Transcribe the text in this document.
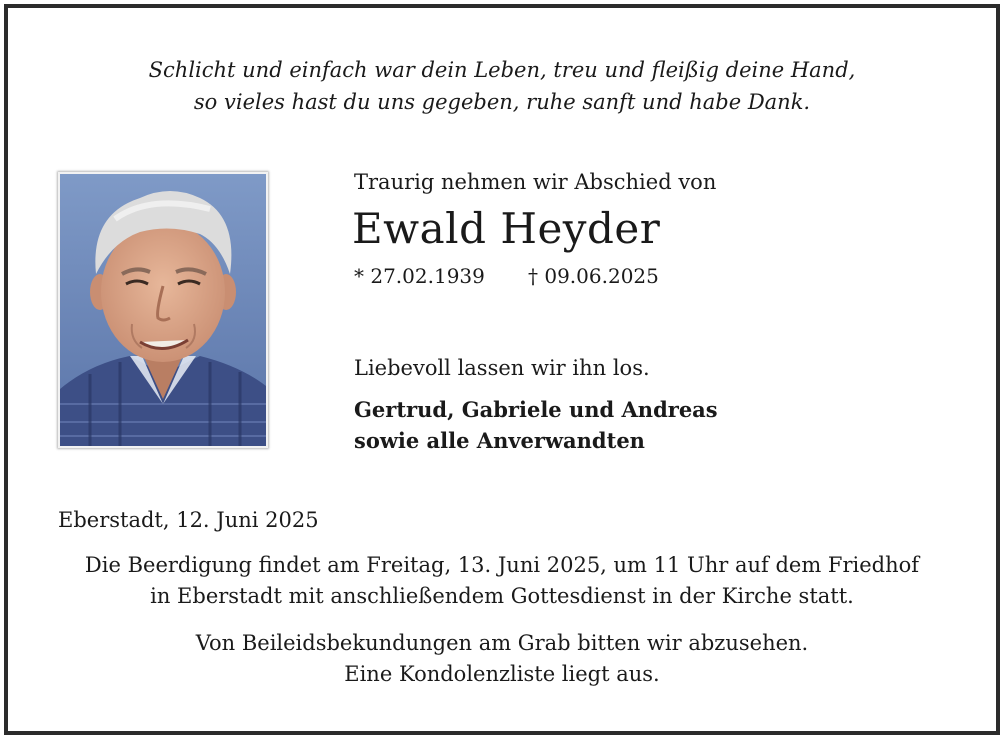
Schlicht und einfach war dein Leben, treu und fleißig deine Hand,
so vieles hast du uns gegeben, ruhe sanft und habe Dank.
Traurig nehmen wir Abschied von
Ewald Heyder
* 27.02.1939 † 09.06.2025
Liebevoll lassen wir ihn los.
Gertrud, Gabriele und Andreas
sowie alle Anverwandten
Eberstadt, 12. Juni 2025
Die Beerdigung findet am Freitag, 13. Juni 2025, um 11 Uhr auf dem Friedhof
in Eberstadt mit anschließendem Gottesdienst in der Kirche statt.
Von Beileidsbekundungen am Grab bitten wir abzusehen.
Eine Kondolenzliste liegt aus.
